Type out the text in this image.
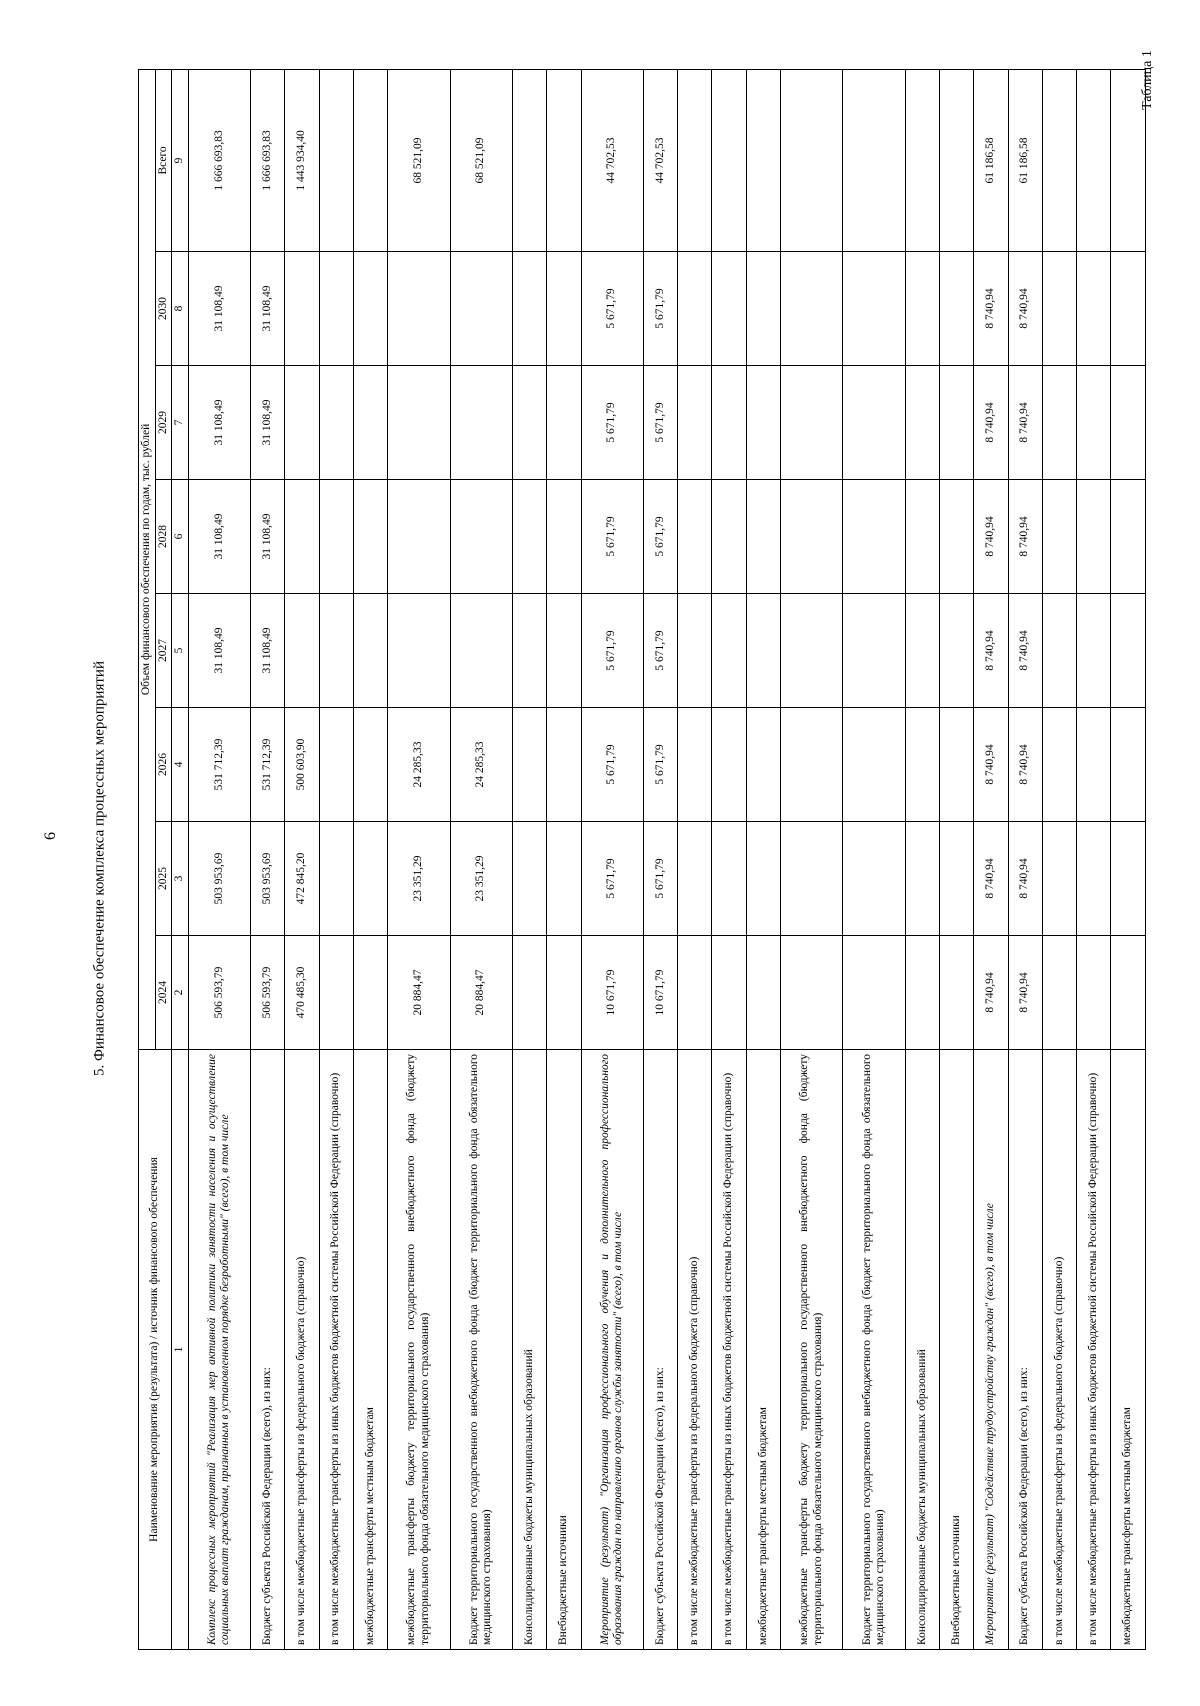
6 5. Финансовое обеспечение комплекса процессных мероприятий
Таблица 1
Наименование мероприятия (результата) / источник финансового обеспечения	Объем финансового обеспечения по годам, тыс. рублей							
	2024	2025	2026	2027	2028	2029	2030	Всего
1	2	3	4	5	6	7	8	9
Комплекс процессных мероприятий "Реализация мер активной политики занятости населения и осуществление социальных выплат гражданам, признанным в установленном порядке безработными" (всего), в том числе	506 593,79	503 953,69	531 712,39	31 108,49	31 108,49	31 108,49	31 108,49	1 666 693,83
Бюджет субъекта Российской Федерации (всего), из них:	506 593,79	503 953,69	531 712,39	31 108,49	31 108,49	31 108,49	31 108,49	1 666 693,83
в том числе межбюджетные трансферты из федерального бюджета (справочно)	470 485,30	472 845,20	500 603,90					1 443 934,40
в том числе межбюджетные трансферты из иных бюджетов бюджетной системы Российской Федерации (справочно)								
межбюджетные трансферты местным бюджетам								
межбюджетные трансферты бюджету территориального государственного внебюджетного фонда (бюджету территориального фонда обязательного медицинского страхования)	20 884,47	23 351,29	24 285,33					68 521,09
Бюджет территориального государственного внебюджетного фонда (бюджет территориального фонда обязательного медицинского страхования)	20 884,47	23 351,29	24 285,33					68 521,09
Консолидированные бюджеты муниципальных образований								
Внебюджетные источники								
Мероприятие (результат) "Организация профессионального обучения и дополнительного профессионального образования граждан по направлению органов службы занятости" (всего), в том числе	10 671,79	5 671,79	5 671,79	5 671,79	5 671,79	5 671,79	5 671,79	44 702,53
Бюджет субъекта Российской Федерации (всего), из них:	10 671,79	5 671,79	5 671,79	5 671,79	5 671,79	5 671,79	5 671,79	44 702,53
в том числе межбюджетные трансферты из федерального бюджета (справочно)								
в том числе межбюджетные трансферты из иных бюджетов бюджетной системы Российской Федерации (справочно)								
межбюджетные трансферты местным бюджетам								
межбюджетные трансферты бюджету территориального государственного внебюджетного фонда (бюджету территориального фонда обязательного медицинского страхования)								
Бюджет территориального государственного внебюджетного фонда (бюджет территориального фонда обязательного медицинского страхования)								
Консолидированные бюджеты муниципальных образований								
Внебюджетные источники								
Мероприятие (результат) "Содействие трудоустройству граждан" (всего), в том числе	8 740,94	8 740,94	8 740,94	8 740,94	8 740,94	8 740,94	8 740,94	61 186,58
Бюджет субъекта Российской Федерации (всего), из них:	8 740,94	8 740,94	8 740,94	8 740,94	8 740,94	8 740,94	8 740,94	61 186,58
в том числе межбюджетные трансферты из федерального бюджета (справочно)								
в том числе межбюджетные трансферты из иных бюджетов бюджетной системы Российской Федерации (справочно)								
межбюджетные трансферты местным бюджетам								
